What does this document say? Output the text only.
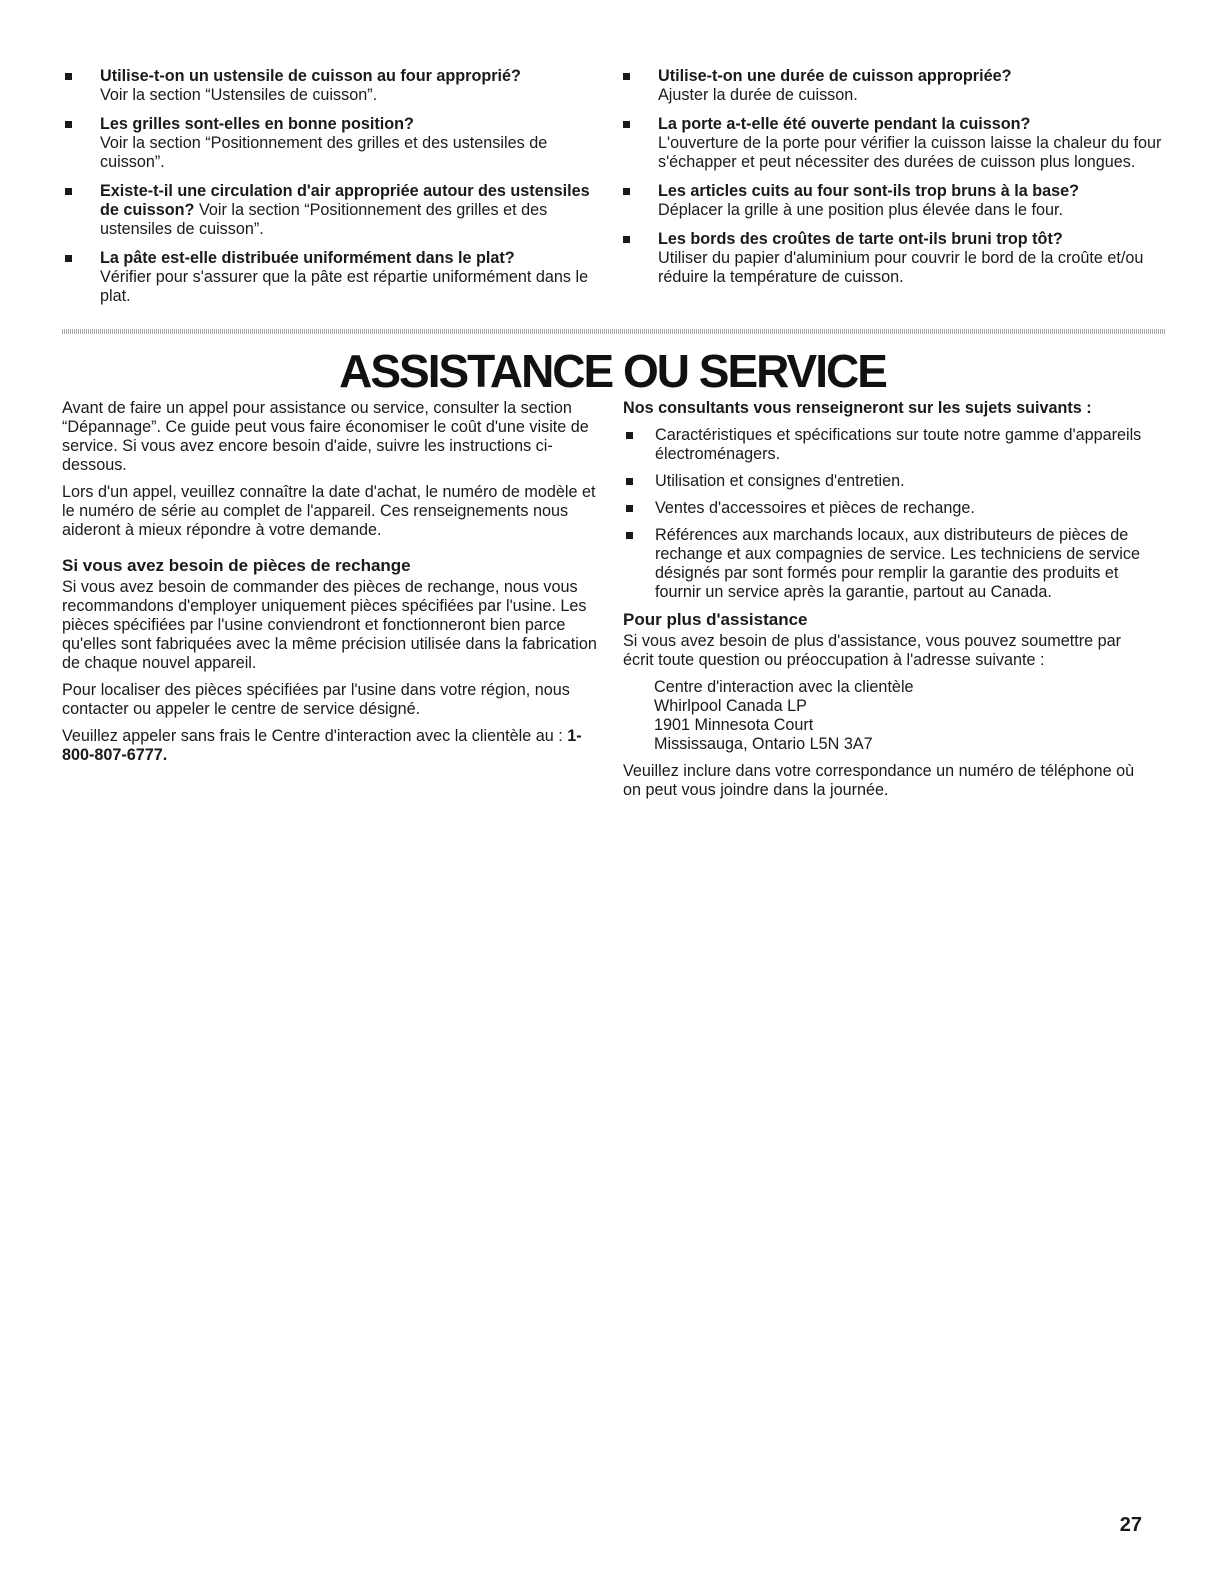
Utilise-t-on un ustensile de cuisson au four approprié?
Voir la section “Ustensiles de cuisson”.
Les grilles sont-elles en bonne position?
Voir la section “Positionnement des grilles et des ustensiles de cuisson”.
Existe-t-il une circulation d'air appropriée autour des ustensiles de cuisson? Voir la section “Positionnement des grilles et des ustensiles de cuisson”.
La pâte est-elle distribuée uniformément dans le plat?
Vérifier pour s'assurer que la pâte est répartie uniformément dans le plat.
Utilise-t-on une durée de cuisson appropriée?
Ajuster la durée de cuisson.
La porte a-t-elle été ouverte pendant la cuisson?
L'ouverture de la porte pour vérifier la cuisson laisse la chaleur du four s'échapper et peut nécessiter des durées de cuisson plus longues.
Les articles cuits au four sont-ils trop bruns à la base?
Déplacer la grille à une position plus élevée dans le four.
Les bords des croûtes de tarte ont-ils bruni trop tôt?
Utiliser du papier d'aluminium pour couvrir le bord de la croûte et/ou réduire la température de cuisson.
ASSISTANCE OU SERVICE

Avant de faire un appel pour assistance ou service, consulter la section “Dépannage”. Ce guide peut vous faire économiser le coût d'une visite de service. Si vous avez encore besoin d'aide, suivre les instructions ci-dessous.

Lors d'un appel, veuillez connaître la date d'achat, le numéro de modèle et le numéro de série au complet de l'appareil. Ces renseignements nous aideront à mieux répondre à votre demande.

Si vous avez besoin de pièces de rechange

Si vous avez besoin de commander des pièces de rechange, nous vous recommandons d'employer uniquement pièces spécifiées par l'usine. Les pièces spécifiées par l'usine conviendront et fonctionneront bien parce qu'elles sont fabriquées avec la même précision utilisée dans la fabrication de chaque nouvel appareil.

Pour localiser des pièces spécifiées par l'usine dans votre région, nous contacter ou appeler le centre de service désigné.

Veuillez appeler sans frais le Centre d'interaction avec la clientèle au : 1-800-807-6777.

Nos consultants vous renseigneront sur les sujets suivants :
Caractéristiques et spécifications sur toute notre gamme d'appareils électroménagers.
Utilisation et consignes d'entretien.
Ventes d'accessoires et pièces de rechange.
Références aux marchands locaux, aux distributeurs de pièces de rechange et aux compagnies de service. Les techniciens de service désignés par sont formés pour remplir la garantie des produits et fournir un service après la garantie, partout au Canada.
Pour plus d'assistance

Si vous avez besoin de plus d'assistance, vous pouvez soumettre par écrit toute question ou préoccupation à l'adresse suivante :

Centre d'interaction avec la clientèle
Whirlpool Canada LP
1901 Minnesota Court
Mississauga, Ontario L5N 3A7

Veuillez inclure dans votre correspondance un numéro de téléphone où on peut vous joindre dans la journée.

27
